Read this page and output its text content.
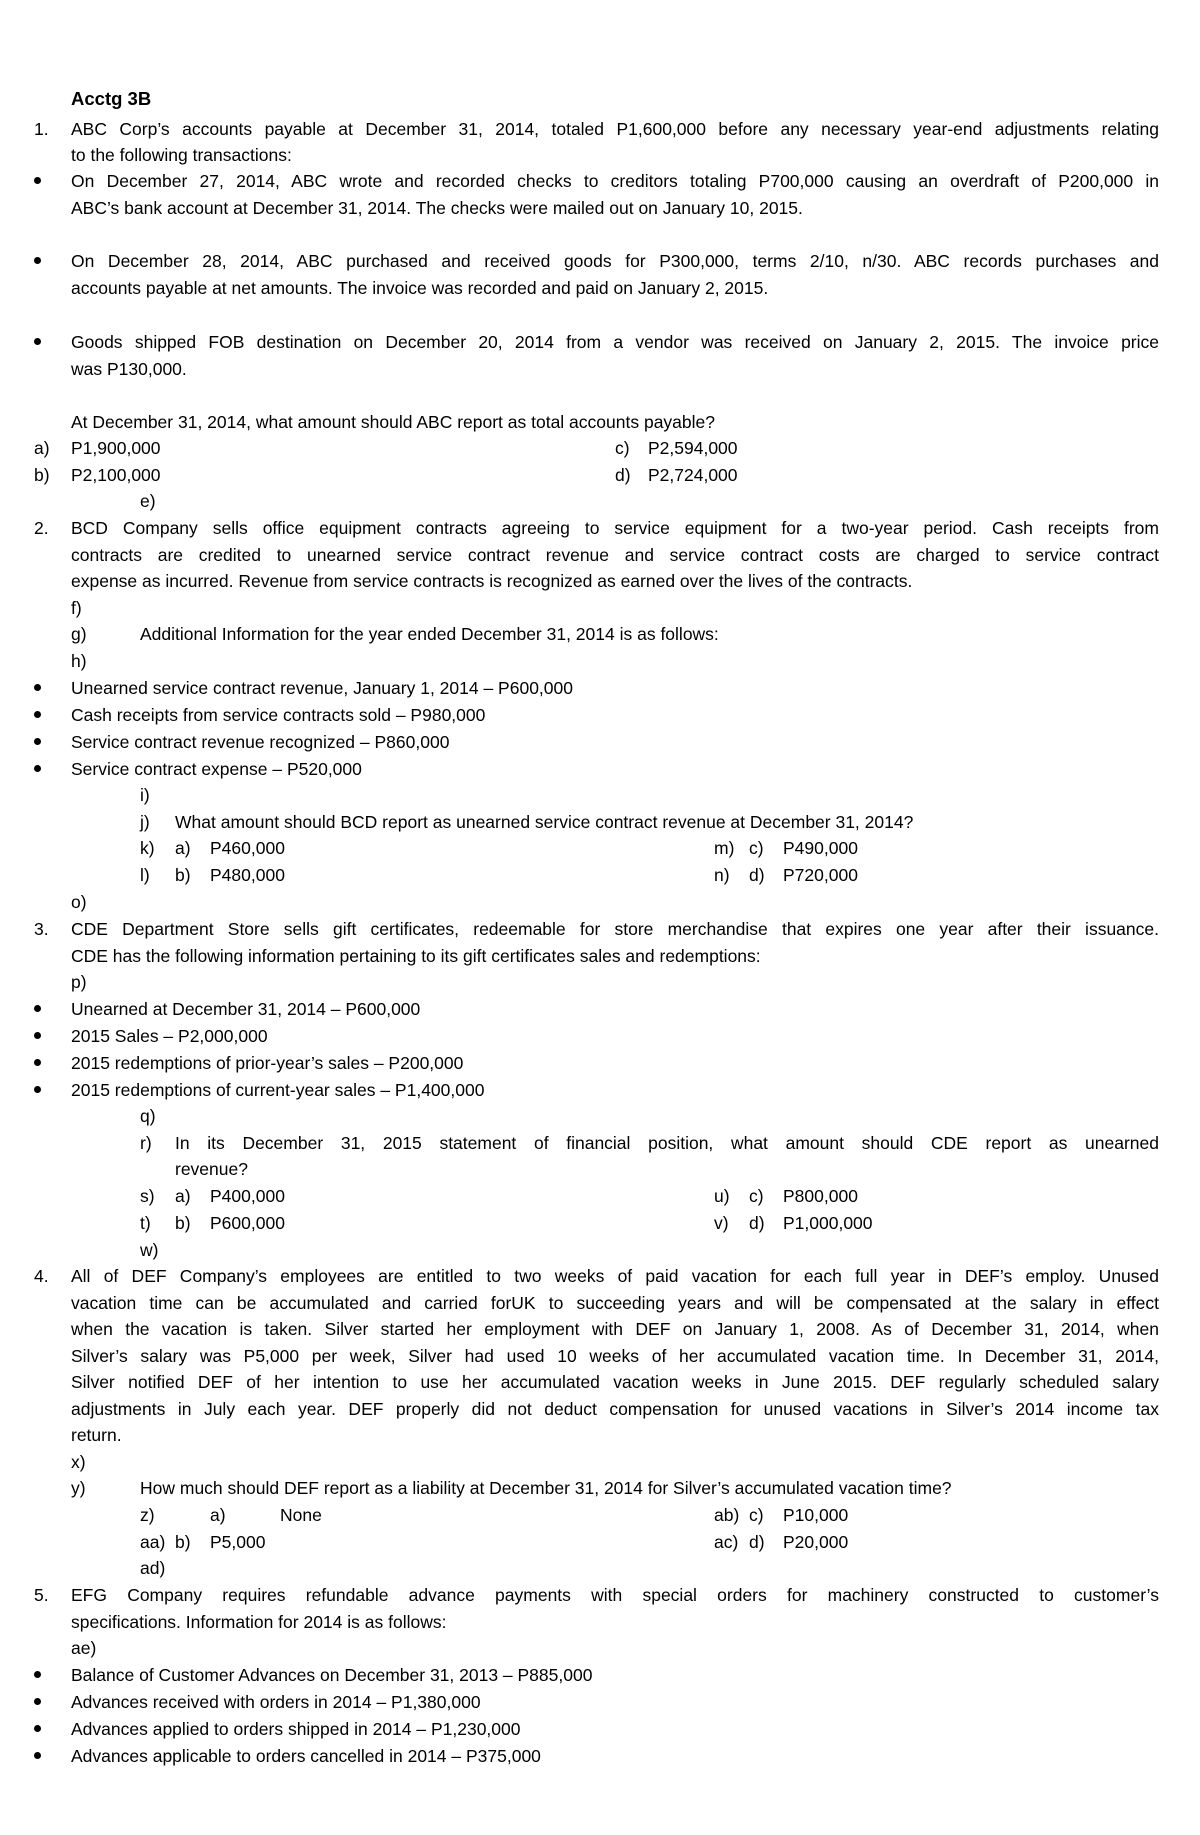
Acctg 3B
1. ABC Corp’s accounts payable at December 31, 2014, totaled P1,600,000 before any necessary year-end adjustments relating
to the following transactions:
On December 27, 2014, ABC wrote and recorded checks to creditors totaling P700,000 causing an overdraft of P200,000 in
ABC’s bank account at December 31, 2014. The checks were mailed out on January 10, 2015.
On December 28, 2014, ABC purchased and received goods for P300,000, terms 2/10, n/30. ABC records purchases and
accounts payable at net amounts. The invoice was recorded and paid on January 2, 2015.
Goods shipped FOB destination on December 20, 2014 from a vendor was received on January 2, 2015. The invoice price
was P130,000.
At December 31, 2014, what amount should ABC report as total accounts payable?
a) P1,900,000	c) P2,594,000
b) P2,100,000	d) P2,724,000
e)
2. BCD Company sells office equipment contracts agreeing to service equipment for a two-year period. Cash receipts from
contracts are credited to unearned service contract revenue and service contract costs are charged to service contract
expense as incurred. Revenue from service contracts is recognized as earned over the lives of the contracts.
f)
g)	Additional Information for the year ended December 31, 2014 is as follows:
h)
Unearned service contract revenue, January 1, 2014 – P600,000
Cash receipts from service contracts sold – P980,000
Service contract revenue recognized – P860,000
Service contract expense – P520,000
i)
j) What amount should BCD report as unearned service contract revenue at December 31, 2014?
k) a) P460,000	m) c) P490,000
l) b) P480,000	n) d) P720,000
o)
3. CDE Department Store sells gift certificates, redeemable for store merchandise that expires one year after their issuance.
CDE has the following information pertaining to its gift certificates sales and redemptions:
p)
Unearned at December 31, 2014 – P600,000
2015 Sales – P2,000,000
2015 redemptions of prior-year’s sales – P200,000
2015 redemptions of current-year sales – P1,400,000
q)
r) In its December 31, 2015 statement of financial position, what amount should CDE report as unearned
revenue?
s) a) P400,000	u) c) P800,000
t) b) P600,000	v) d) P1,000,000
w)
4. All of DEF Company’s employees are entitled to two weeks of paid vacation for each full year in DEF’s employ. Unused
vacation time can be accumulated and carried forUK to succeeding years and will be compensated at the salary in effect
when the vacation is taken. Silver started her employment with DEF on January 1, 2008. As of December 31, 2014, when
Silver’s salary was P5,000 per week, Silver had used 10 weeks of her accumulated vacation time. In December 31, 2014,
Silver notified DEF of her intention to use her accumulated vacation weeks in June 2015. DEF regularly scheduled salary
adjustments in July each year. DEF properly did not deduct compensation for unused vacations in Silver’s 2014 income tax
return.
x)
y)	How much should DEF report as a liability at December 31, 2014 for Silver’s accumulated vacation time?
z)	a)	None	ab) c) P10,000
aa) b) P5,000	ac) d) P20,000
ad)
5. EFG Company requires refundable advance payments with special orders for machinery constructed to customer’s
specifications. Information for 2014 is as follows:
ae)
Balance of Customer Advances on December 31, 2013 – P885,000
Advances received with orders in 2014 – P1,380,000
Advances applied to orders shipped in 2014 – P1,230,000
Advances applicable to orders cancelled in 2014 – P375,000
